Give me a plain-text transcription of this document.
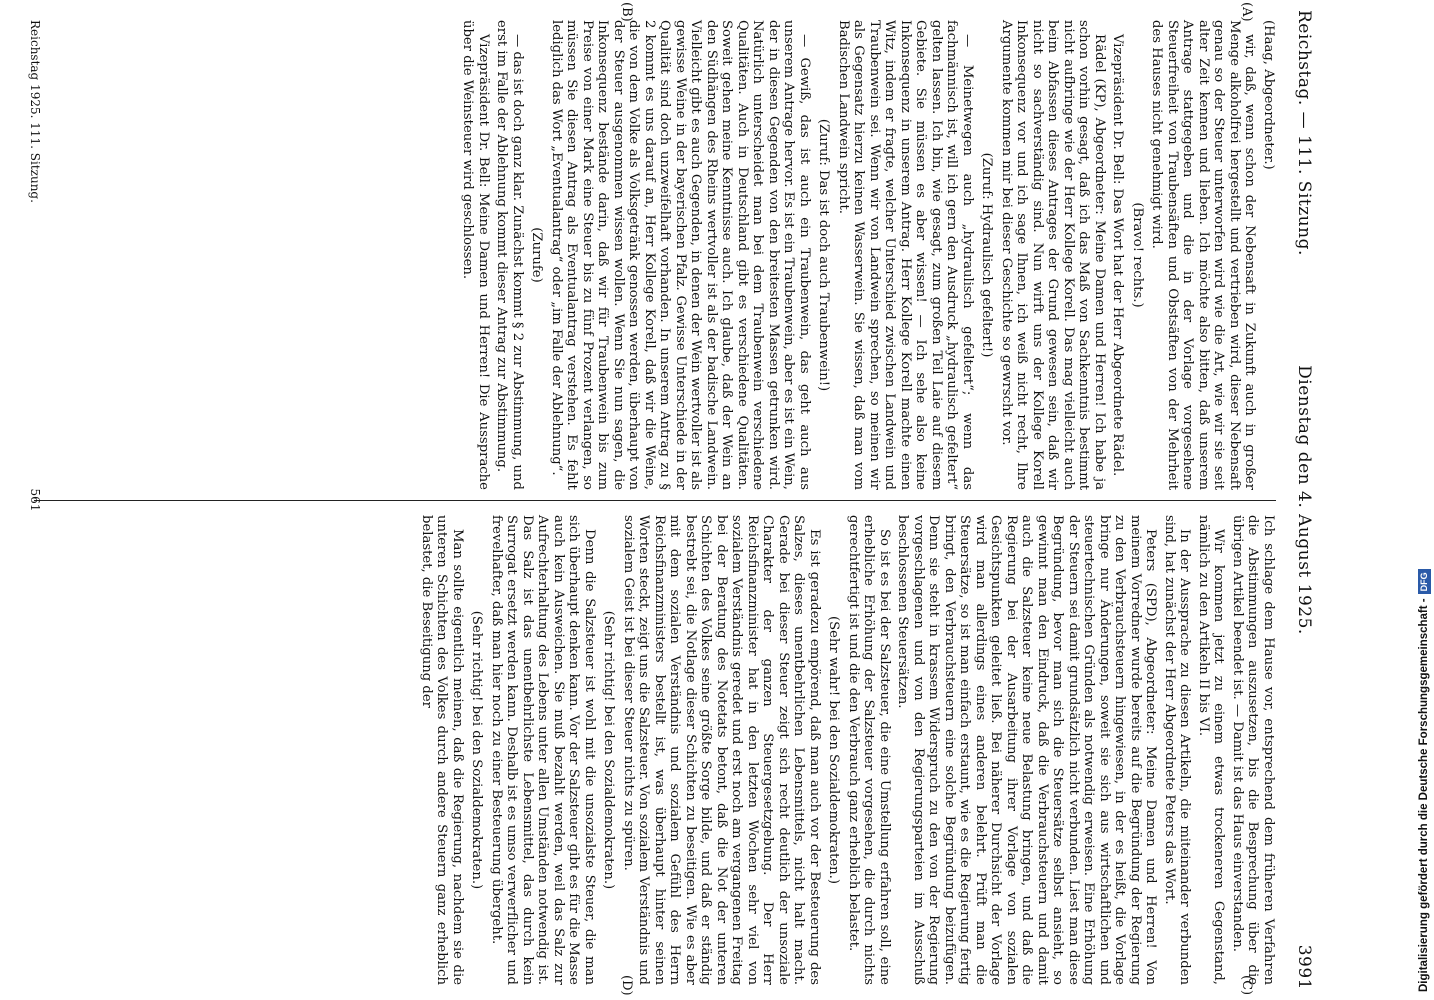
Reichstag. — 111. Sitzung.
Dienstag den 4. August 1925.
3991
(A)
(B)
(C)
(D)

(Haag, Abgeordneter.)

wir, daß, wenn schon der Nebensaft in Zukunft auch in großer Menge alkoholfrei hergestellt und vertrieben wird, dieser Nebensaft genau so der Steuer unterworfen wird wie die Art, wie wir sie seit alter Zeit kennen und lieben. Ich möchte also bitten, daß unserem Antrage stattgegeben und die in der Vorlage vorgesehene Steuerfreiheit von Traubensäften und Obstsäften von der Mehrheit des Hauses nicht genehmigt wird.

(Bravo! rechts.)

Vizepräsident Dr. Bell: Das Wort hat der Herr Abgeordnete Rädel.

Rädel (KP), Abgeordneter: Meine Damen und Herren! Ich habe ja schon vorhin gesagt, daß ich das Maß von Sachkenntnis bestimmt nicht aufbringe wie der Herr Kollege Korell. Das mag vielleicht auch beim Abfassen dieses Antrages der Grund gewesen sein, daß wir nicht so sachverständig sind. Nun wirft uns der Kollege Korell Inkonsequenz vor und ich sage Ihnen, ich weiß nicht recht, Ihre Argumente kommen mir bei dieser Geschichte so gewrscht vor.

(Zuruf: Hydraulisch gefeltert!)

— Meinetwegen auch „hydraulisch gefeltert“; wenn das fachmännisch ist, will ich gern den Ausdruck „hydraulisch gefeltert“ gelten lassen. Ich bin, wie gesagt, zum großen Teil Laie auf diesem Gebiete. Sie müssen es aber wissen! — Ich sehe also keine Inkonsequenz in unserem Antrag. Herr Kollege Korell machte einen Witz, indem er fragte, welcher Unterschied zwischen Landwein und Traubenwein sei. Wenn wir von Landwein sprechen, so meinen wir als Gegensatz hierzu keinen Wasserwein. Sie wissen, daß man vom Badischen Landwein spricht.

(Zuruf: Das ist doch auch Traubenwein!)

— Gewiß, das ist auch ein Traubenwein, das geht auch aus unserem Antrage hervor. Es ist ein Traubenwein, aber es ist ein Wein, der in diesen Gegenden von den breitesten Massen getrunken wird. Natürlich unterscheidet man bei dem Traubenwein verschiedene Qualitäten. Auch in Deutschland gibt es verschiedene Qualitäten. Soweit gehen meine Kenntnisse auch. Ich glaube, daß der Wein an den Südhängen des Rheins wertvoller ist als der badische Landwein. Vielleicht gibt es auch Gegenden, in denen der Wein wertvoller ist als gewisse Weine in der bayerischen Pfalz. Gewisse Unterschiede in der Qualität sind doch unzweifelhaft vorhanden. In unserem Antrag zu § 2 kommt es uns darauf an, Herr Kollege Korell, daß wir die Weine, die von dem Volke als Volksgetränk genossen werden, überhaupt von der Steuer ausgenommen wissen wollen. Wenn Sie nun sagen, die Inkonsequenz bestände darin, daß wir für Traubenwein bis zum Preise von einer Mark eine Steuer bis zu fünf Prozent verlangen, so müssen Sie diesen Antrag als Eventualantrag verstehen. Es fehlt lediglich das Wort „Eventualantrag“ oder „im Falle der Ablehnung“.

(Zurufe)

— das ist doch ganz klar. Zunächst kommt § 2 zur Abstimmung, und erst im Falle der Ablehnung kommt dieser Antrag zur Abstimmung.

Vizepräsident Dr. Bell: Meine Damen und Herren! Die Aussprache über die Weinsteuer wird geschlossen.

Ich schlage dem Hause vor, entsprechend dem früheren Verfahren die Abstimmungen auszusetzen, bis die Besprechung über die übrigen Artikel beendet ist. — Damit ist das Haus einverstanden.

Wir kommen jetzt zu einem etwas trockeneren Gegenstand, nämlich zu den Artikeln II bis VI.

In der Aussprache zu diesen Artikeln, die miteinander verbunden sind, hat zunächst der Herr Abgeordnete Peters das Wort.

Peters (SPD), Abgeordneter: Meine Damen und Herren! Von meinem Vorredner wurde bereits auf die Begründung der Regierung zu den Verbrauchsteuern hingewiesen, in der es heißt, die Vorlage bringe nur Änderungen, soweit sie sich aus wirtschaftlichen und steuertechnischen Gründen als notwendig erweisen. Eine Erhöhung der Steuern sei damit grundsätzlich nicht verbunden. Liest man diese Begründung, bevor man sich die Steuersätze selbst ansieht, so gewinnt man den Eindruck, daß die Verbrauchsteuern und damit auch die Salzsteuer keine neue Belastung bringen, und daß die Regierung bei der Ausarbeitung ihrer Vorlage von sozialen Gesichtspunkten geleitet ließ. Bei näherer Durchsicht der Vorlage wird man allerdings eines anderen belehrt. Prüft man die Steuersätze, so ist man einfach erstaunt, wie es die Regierung fertig bringt, den Verbrauchsteuern eine solche Begründung beizufügen. Denn sie steht in krassem Widerspruch zu den von der Regierung vorgeschlagenen und von den Regierungsparteien im Ausschuß beschlossenen Steuersätzen.

So ist es bei der Salzsteuer, die eine Umstellung erfahren soll, eine erhebliche Erhöhung der Salzsteuer vorgesehen, die durch nichts gerechtfertigt ist und die den Verbrauch ganz erheblich belastet.

(Sehr wahr! bei den Sozialdemokraten.)

Es ist geradezu empörend, daß man auch vor der Besteuerung des Salzes, dieses unentbehrlichen Lebensmittels, nicht halt macht. Gerade bei dieser Steuer zeigt sich recht deutlich der unsoziale Charakter der ganzen Steuergesetzgebung. Der Herr Reichsfinanzminister hat in den letzten Wochen sehr viel von sozialem Verständnis geredet und erst noch am vergangenen Freitag bei der Beratung des Notetats betont, daß die Not der unteren Schichten des Volkes seine größte Sorge bilde, und daß er ständig bestrebt sei, die Notlage dieser Schichten zu beseitigen. Wie es aber mit dem sozialen Verständnis und sozialem Gefühl des Herrn Reichsfinanzministers bestellt ist, was überhaupt hinter seinen Worten steckt, zeigt uns die Salzsteuer. Von sozialem Verständnis und sozialem Geist ist bei dieser Steuer nichts zu spüren.

(Sehr richtig! bei den Sozialdemokraten.)

Denn die Salzsteuer ist wohl mit die unsozialste Steuer, die man sich überhaupt denken kann. Vor der Salzsteuer gibt es für die Masse auch kein Ausweichen. Sie muß bezahlt werden, weil das Salz zur Aufrechterhaltung des Lebens unter allen Umständen notwendig ist. Das Salz ist das unentbehrlichste Lebensmittel, das durch kein Surrogat ersetzt werden kann. Deshalb ist es umso verwerflicher und frevelhafter, daß man hier noch zu einer Besteuerung übergeht.

(Sehr richtig! bei den Sozialdemokraten.)

Man sollte eigentlich meinen, daß die Regierung, nachdem sie die unteren Schichten des Volkes durch andere Steuern ganz erheblich belastet, die Beseitigung der

Reichstag 1925. 111. Sitzung.
561
Digitalisierung gefördert durch die Deutsche Forschungsgemeinschaft -
DFG
